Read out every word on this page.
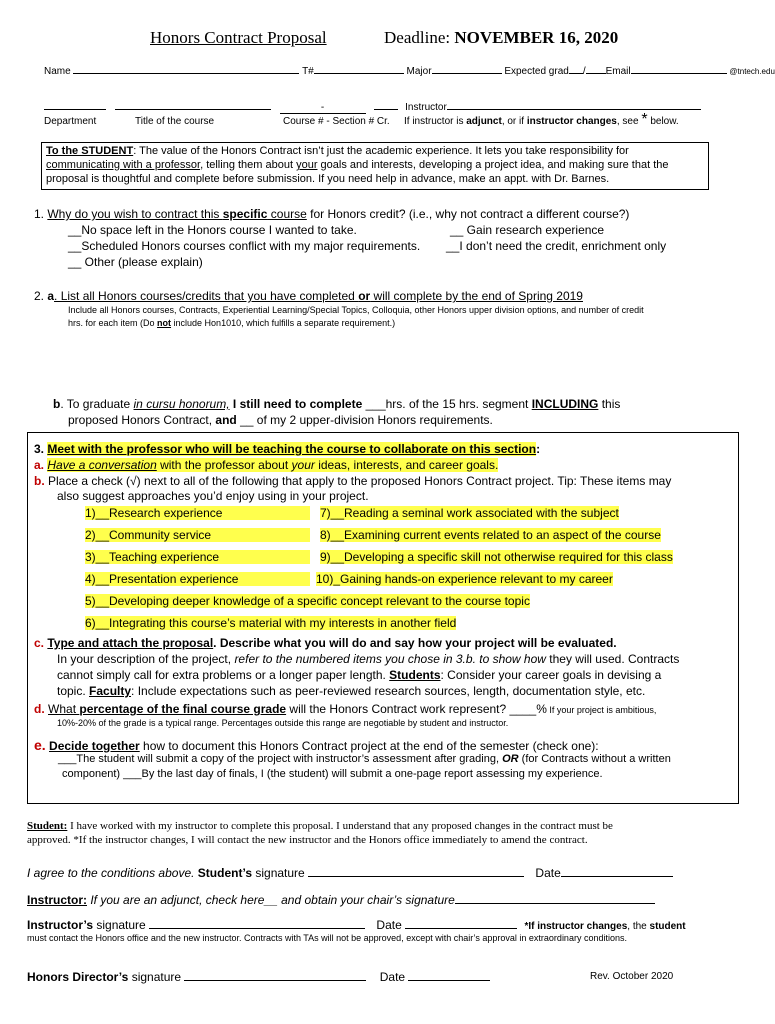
Honors Contract Proposal	Deadline: NOVEMBER 16, 2020
Name	T#	Major	Expected grad / Email	@tntech.edu
-	Instructor
Department	Title of the course	Course # - Section # Cr. If instructor is adjunct, or if instructor changes, see * below.
To the STUDENT: The value of the Honors Contract isn’t just the academic experience. It lets you take responsibility for
communicating with a professor, telling them about your goals and interests, developing a project idea, and making sure that the
proposal is thoughtful and complete before submission. If you need help in advance, make an appt. with Dr. Barnes.
1. Why do you wish to contract this specific course for Honors credit? (i.e., why not contract a different course?)
__No space left in the Honors course I wanted to take.	__ Gain research experience
__Scheduled Honors courses conflict with my major requirements. __I don’t need the credit, enrichment only
__ Other (please explain)
2. a. List all Honors courses/credits that you have completed or will complete by the end of Spring 2019
Include all Honors courses, Contracts, Experiential Learning/Special Topics, Colloquia, other Honors upper division options, and number of credit
hrs. for each item (Do not include Hon1010, which fulfills a separate requirement.)
b. To graduate in cursu honorum, I still need to complete ___hrs. of the 15 hrs. segment INCLUDING this
proposed Honors Contract, and __ of my 2 upper-division Honors requirements.
3. Meet with the professor who will be teaching the course to collaborate on this section:
a. Have a conversation with the professor about your ideas, interests, and career goals.
b. Place a check (√) next to all of the following that apply to the proposed Honors Contract project. Tip: These items may
also suggest approaches you’d enjoy using in your project.
1)__Research experience	7)__Reading a seminal work associated with the subject
2)__Community service	8)__Examining current events related to an aspect of the course
3)__Teaching experience	9)__Developing a specific skill not otherwise required for this class
4)__Presentation experience	10)_Gaining hands-on experience relevant to my career
5)__Developing deeper knowledge of a specific concept relevant to the course topic
6)__Integrating this course’s material with my interests in another field
c. Type and attach the proposal. Describe what you will do and say how your project will be evaluated.
In your description of the project, refer to the numbered items you chose in 3.b. to show how they will used. Contracts
cannot simply call for extra problems or a longer paper length. Students: Consider your career goals in devising a
topic. Faculty: Include expectations such as peer-reviewed research sources, length, documentation style, etc.
d. What percentage of the final course grade will the Honors Contract work represent? ____% If your project is ambitious,
10%-20% of the grade is a typical range. Percentages outside this range are negotiable by student and instructor.
e. Decide together how to document this Honors Contract project at the end of the semester (check one):
___The student will submit a copy of the project with instructor’s assessment after grading, OR (for Contracts without a written
component) ___By the last day of finals, I (the student) will submit a one-page report assessing my experience.
Student: I have worked with my instructor to complete this proposal. I understand that any proposed changes in the contract must be
approved. *If the instructor changes, I will contact the new instructor and the Honors office immediately to amend the contract.
I agree to the conditions above. Student’s signature	Date
Instructor: If you are an adjunct, check here__ and obtain your chair’s signature
Instructor’s signature	Date	*If instructor changes, the student
must contact the Honors office and the new instructor. Contracts with TAs will not be approved, except with chair’s approval in extraordinary conditions.
Honors Director’s signature	Date	Rev. October 2020
